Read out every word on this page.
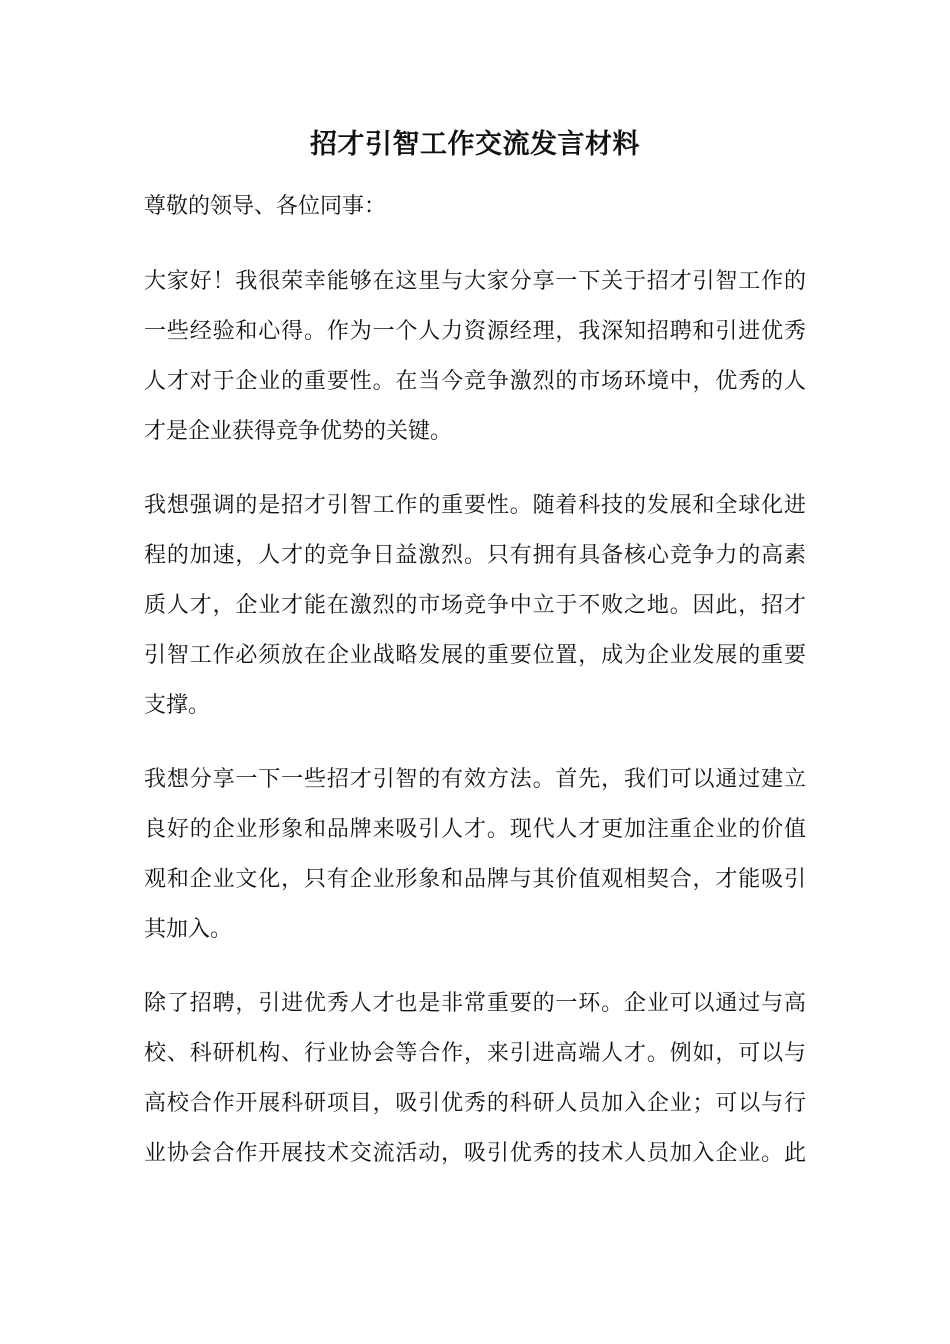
招才引智工作交流发言材料

尊敬的领导、各位同事：

大家好！我很荣幸能够在这里与大家分享一下关于招才引智工作的
一些经验和心得。作为一个人力资源经理，我深知招聘和引进优秀
人才对于企业的重要性。在当今竞争激烈的市场环境中，优秀的人
才是企业获得竞争优势的关键。

我想强调的是招才引智工作的重要性。随着科技的发展和全球化进
程的加速，人才的竞争日益激烈。只有拥有具备核心竞争力的高素
质人才，企业才能在激烈的市场竞争中立于不败之地。因此，招才
引智工作必须放在企业战略发展的重要位置，成为企业发展的重要
支撑。

我想分享一下一些招才引智的有效方法。首先，我们可以通过建立
良好的企业形象和品牌来吸引人才。现代人才更加注重企业的价值
观和企业文化，只有企业形象和品牌与其价值观相契合，才能吸引
其加入。

除了招聘，引进优秀人才也是非常重要的一环。企业可以通过与高
校、科研机构、行业协会等合作，来引进高端人才。例如，可以与
高校合作开展科研项目，吸引优秀的科研人员加入企业；可以与行
业协会合作开展技术交流活动，吸引优秀的技术人员加入企业。此
